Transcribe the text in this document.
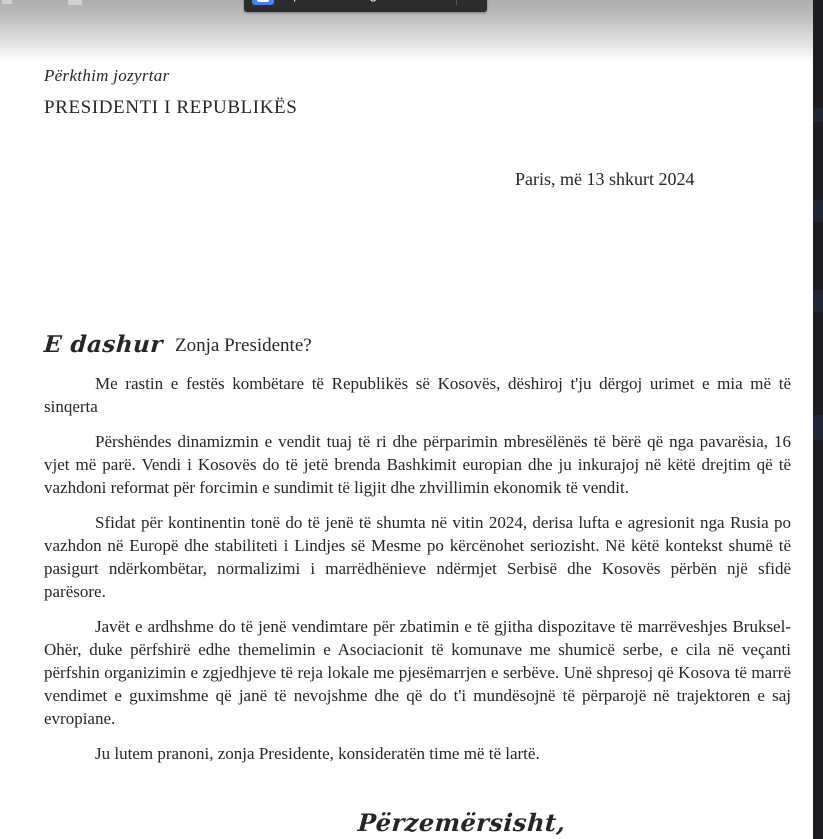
Përkthim jozyrtar
PRESIDENTI I REPUBLIKËS
Paris, më 13 shkurt 2024
E dashur Zonja Presidente?

Me rastin e festës kombëtare të Republikës së Kosovës, dëshiroj t'ju dërgoj urimet e mia më të sinqerta

Përshëndes dinamizmin e vendit tuaj të ri dhe përparimin mbresëlënës të bërë që nga pavarësia, 16 vjet më parë. Vendi i Kosovës do të jetë brenda Bashkimit europian dhe ju inkurajoj në këtë drejtim që të vazhdoni reformat për forcimin e sundimit të ligjit dhe zhvillimin ekonomik të vendit.

Sfidat për kontinentin tonë do të jenë të shumta në vitin 2024, derisa lufta e agresionit nga Rusia po vazhdon në Europë dhe stabiliteti i Lindjes së Mesme po kërcënohet seriozisht. Në këtë kontekst shumë të pasigurt ndërkombëtar, normalizimi i marrëdhënieve ndërmjet Serbisë dhe Kosovës përbën një sfidë parësore.

Javët e ardhshme do të jenë vendimtare për zbatimin e të gjitha dispozitave të marrëveshjes Bruksel-Ohër, duke përfshirë edhe themelimin e Asociacionit të komunave me shumicë serbe, e cila në veçanti përfshin organizimin e zgjedhjeve të reja lokale me pjesëmarrjen e serbëve. Unë shpresoj që Kosova të marrë vendimet e guximshme që janë të nevojshme dhe që do t'i mundësojnë të përparojë në trajektoren e saj evropiane.

Ju lutem pranoni, zonja Presidente, konsideratën time më të lartë.

Përzemërsisht,
